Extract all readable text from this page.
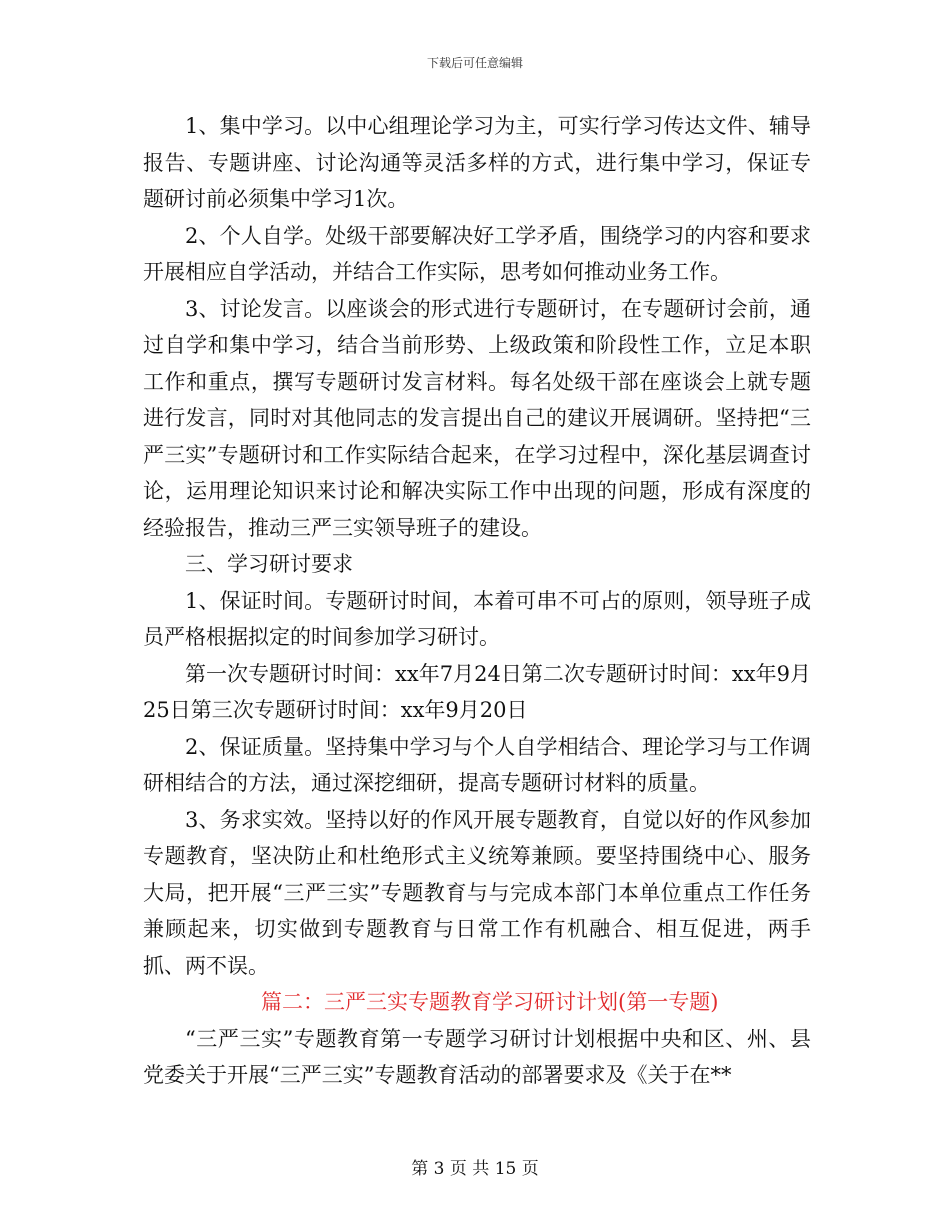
下载后可任意编辑

1、集中学习。以中心组理论学习为主，可实行学习传达文件、辅导报告、专题讲座、讨论沟通等灵活多样的方式，进行集中学习，保证专题研讨前必须集中学习1次。

2、个人自学。处级干部要解决好工学矛盾，围绕学习的内容和要求开展相应自学活动，并结合工作实际，思考如何推动业务工作。

3、讨论发言。以座谈会的形式进行专题研讨，在专题研讨会前，通过自学和集中学习，结合当前形势、上级政策和阶段性工作，立足本职工作和重点，撰写专题研讨发言材料。每名处级干部在座谈会上就专题进行发言，同时对其他同志的发言提出自己的建议开展调研。坚持把“三严三实”专题研讨和工作实际结合起来，在学习过程中，深化基层调查讨论，运用理论知识来讨论和解决实际工作中出现的问题，形成有深度的经验报告，推动三严三实领导班子的建设。

三、学习研讨要求

1、保证时间。专题研讨时间，本着可串不可占的原则，领导班子成员严格根据拟定的时间参加学习研讨。

第一次专题研讨时间：xx年7月24日第二次专题研讨时间：xx年9月25日第三次专题研讨时间：xx年9月20日

2、保证质量。坚持集中学习与个人自学相结合、理论学习与工作调研相结合的方法，通过深挖细研，提高专题研讨材料的质量。

3、务求实效。坚持以好的作风开展专题教育，自觉以好的作风参加专题教育，坚决防止和杜绝形式主义统筹兼顾。要坚持围绕中心、服务大局，把开展“三严三实”专题教育与与完成本部门本单位重点工作任务兼顾起来，切实做到专题教育与日常工作有机融合、相互促进，两手抓、两不误。

篇二：三严三实专题教育学习研讨计划(第一专题)

“三严三实”专题教育第一专题学习研讨计划根据中央和区、州、县党委关于开展“三严三实”专题教育活动的部署要求及《关于在**

第 3 页 共 15 页
